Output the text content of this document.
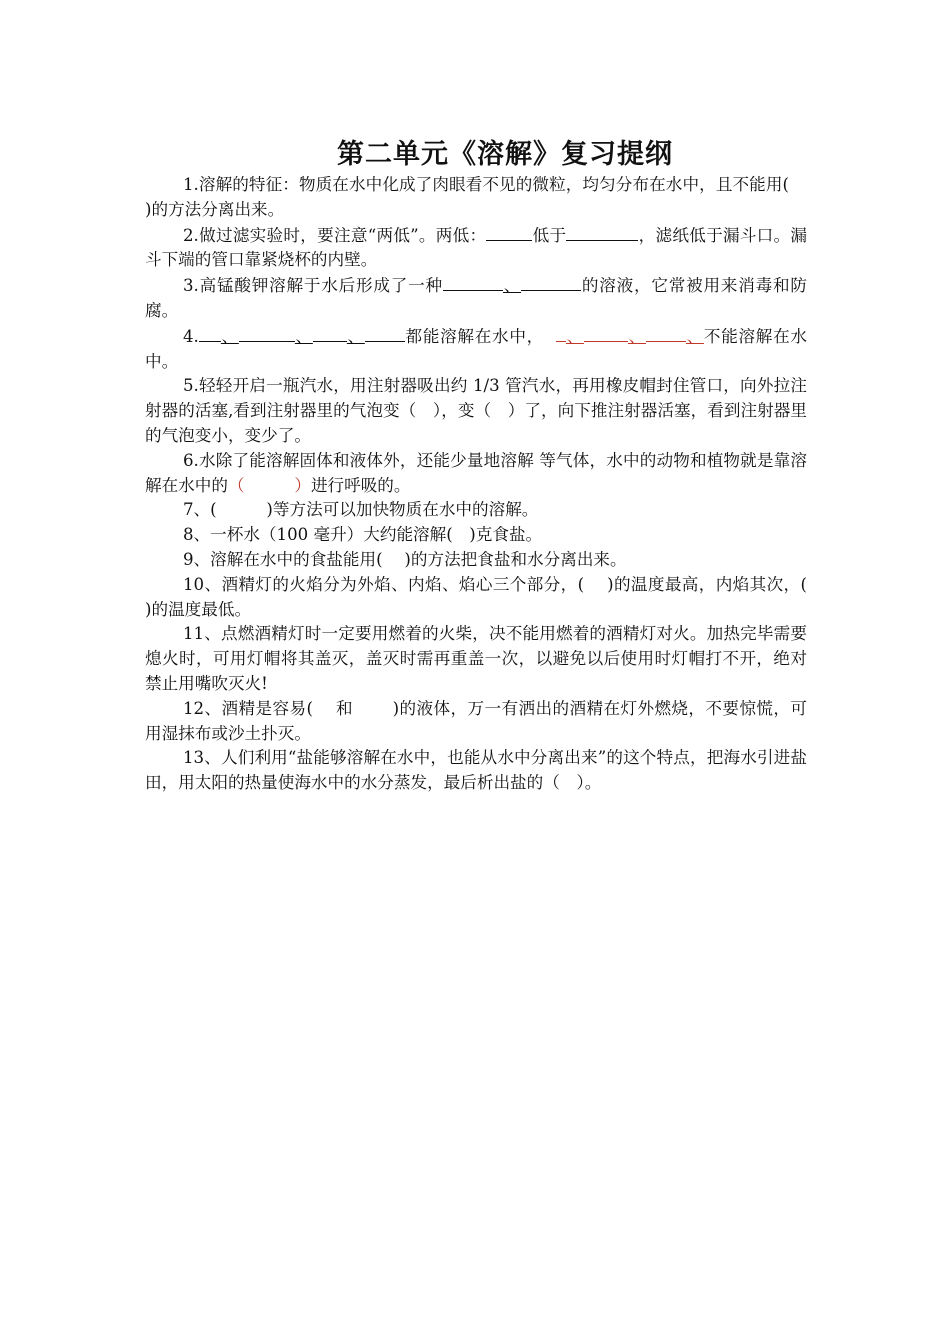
第二单元《溶解》复习提纲

1.溶解的特征：物质在水中化成了肉眼看不见的微粒，均匀分布在水中，且不能用()的方法分离出来。

2.做过滤实验时，要注意“两低”。两低：	低于	，滤纸低于漏斗口。漏斗下端的管口靠紧烧杯的内壁。

3.高锰酸钾溶解于水后形成了一种	、	的溶液，它常被用来消毒和防腐。

4. 、	、 、 都能溶解在水中， 、	、 、不能溶解在水中。

5.轻轻开启一瓶汽水，用注射器吸出约 1/3 管汽水，再用橡皮帽封住管口，向外拉注射器的活塞,看到注射器里的气泡变（　），变（　）了，向下推注射器活塞，看到注射器里的气泡变小，变少了。

6.水除了能溶解固体和液体外，还能少量地溶解 等气体，水中的动物和植物就是靠溶解在水中的（　　　）进行呼吸的。

7、(　　　)等方法可以加快物质在水中的溶解。

8、一杯水（100 毫升）大约能溶解(　)克食盐。

9、溶解在水中的食盐能用(　 )的方法把食盐和水分离出来。

10、酒精灯的火焰分为外焰、内焰、焰心三个部分，(　 )的温度最高，内焰其次，(　 )的温度最低。

11、点燃酒精灯时一定要用燃着的火柴，决不能用燃着的酒精灯对火。加热完毕需要熄火时，可用灯帽将其盖灭，盖灭时需再重盖一次，以避免以后使用时灯帽打不开，绝对禁止用嘴吹灭火!

12、酒精是容易(　 和　　 )的液体，万一有洒出的酒精在灯外燃烧，不要惊慌，可用湿抹布或沙土扑灭。

13、人们利用“盐能够溶解在水中，也能从水中分离出来”的这个特点，把海水引进盐田，用太阳的热量使海水中的水分蒸发，最后析出盐的（　）。
